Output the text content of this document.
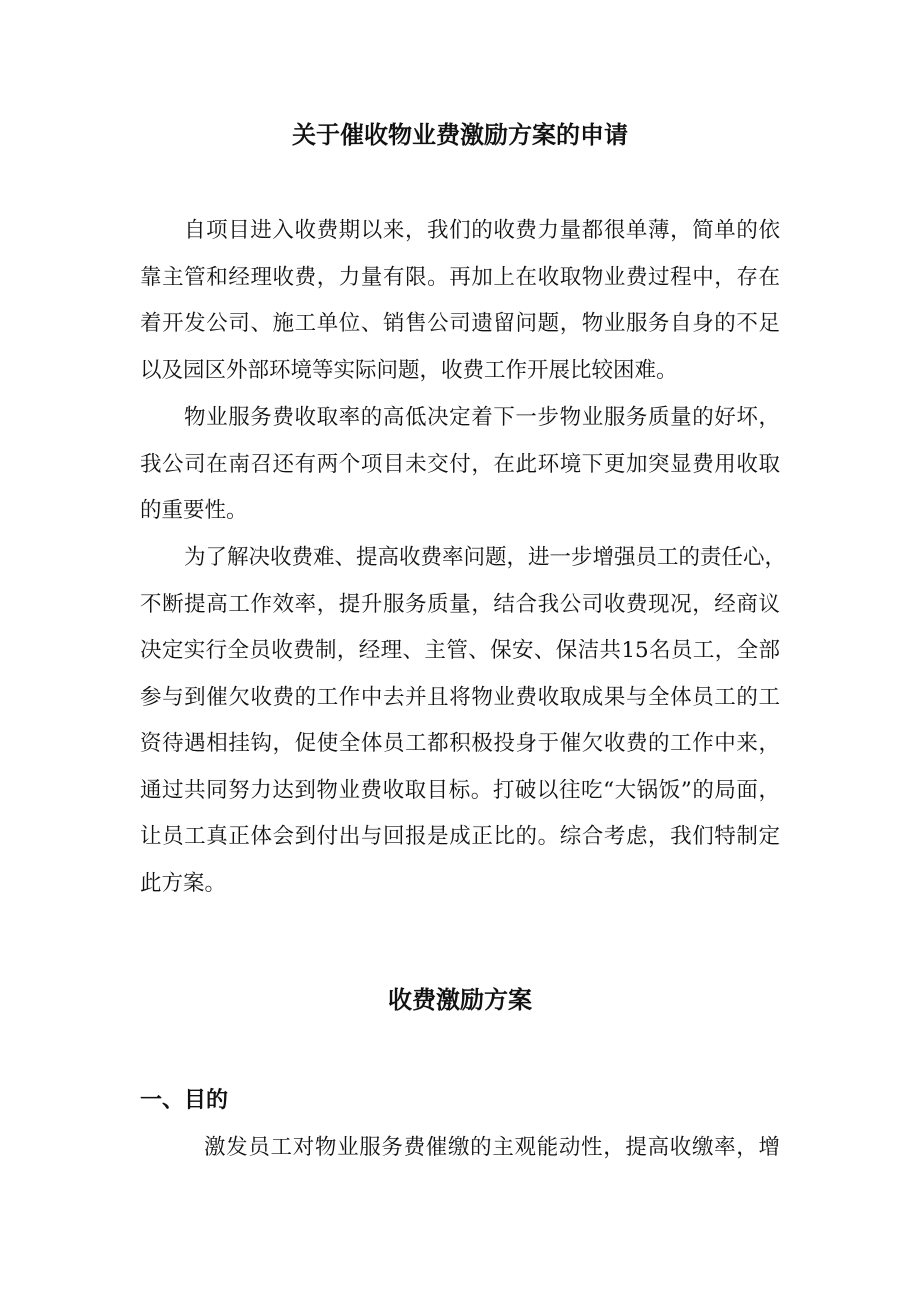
关于催收物业费激励方案的申请

自项目进入收费期以来，我们的收费力量都很单薄，简单的依
靠主管和经理收费，力量有限。再加上在收取物业费过程中，存在
着开发公司、施工单位、销售公司遗留问题，物业服务自身的不足
以及园区外部环境等实际问题，收费工作开展比较困难。

物业服务费收取率的高低决定着下一步物业服务质量的好坏，
我公司在南召还有两个项目未交付，在此环境下更加突显费用收取
的重要性。

为了解决收费难、提高收费率问题，进一步增强员工的责任心，
不断提高工作效率，提升服务质量，结合我公司收费现况，经商议
决定实行全员收费制，经理、主管、保安、保洁共15名员工，全部
参与到催欠收费的工作中去并且将物业费收取成果与全体员工的工
资待遇相挂钩，促使全体员工都积极投身于催欠收费的工作中来，
通过共同努力达到物业费收取目标。打破以往吃“大锅饭”的局面，
让员工真正体会到付出与回报是成正比的。综合考虑，我们特制定
此方案。

收费激励方案
一、目的

激发员工对物业服务费催缴的主观能动性，提高收缴率，增
